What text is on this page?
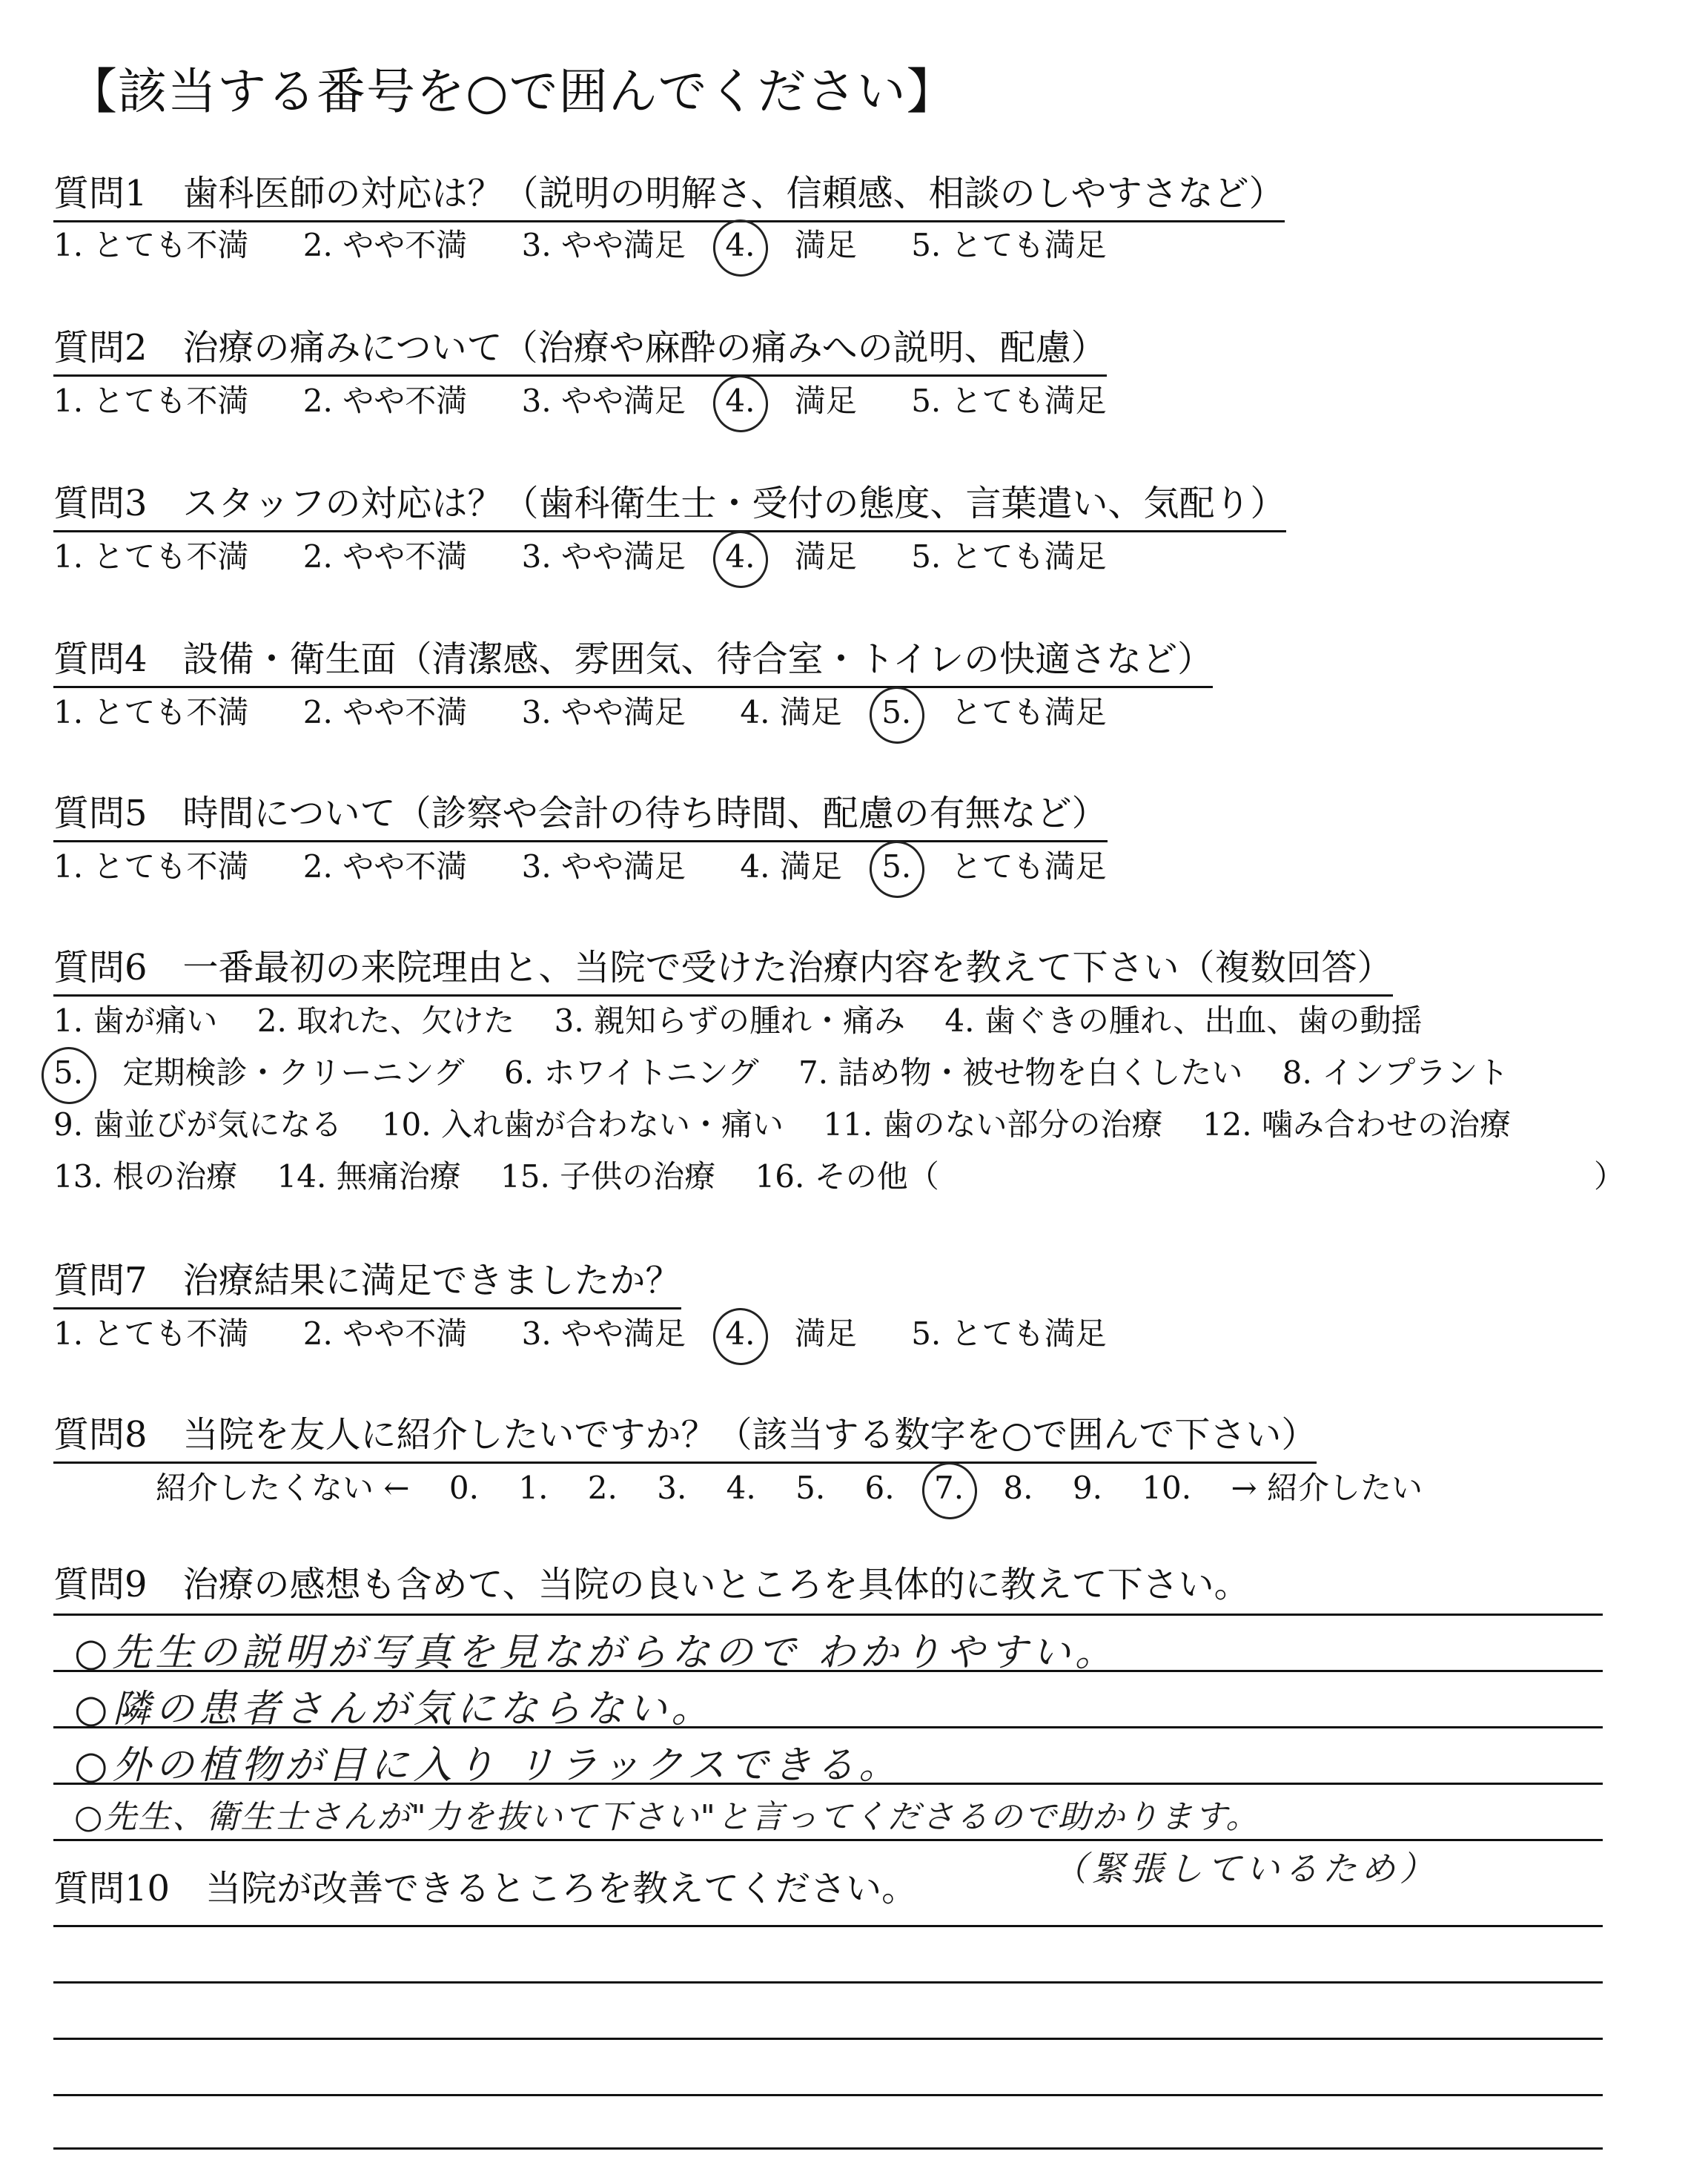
【該当する番号を○で囲んでください】
質問1　歯科医師の対応は？（説明の明解さ、信頼感、相談のしやすさなど）
1. とても不満 2. やや不満 3. やや満足 4. 満足 5. とても満足
質問2　治療の痛みについて（治療や麻酔の痛みへの説明、配慮）
1. とても不満 2. やや不満 3. やや満足 4. 満足 5. とても満足
質問3　スタッフの対応は？（歯科衛生士・受付の態度、言葉遣い、気配り）
1. とても不満 2. やや不満 3. やや満足 4. 満足 5. とても満足
質問4　設備・衛生面（清潔感、雰囲気、待合室・トイレの快適さなど）
1. とても不満 2. やや不満 3. やや満足 4. 満足 5. とても満足
質問5　時間について（診察や会計の待ち時間、配慮の有無など）
1. とても不満 2. やや不満 3. やや満足 4. 満足 5. とても満足
質問6　一番最初の来院理由と、当院で受けた治療内容を教えて下さい（複数回答）
1. 歯が痛い 2. 取れた、欠けた 3. 親知らずの腫れ・痛み 4. 歯ぐきの腫れ、出血、歯の動揺
5. 定期検診・クリーニング 6. ホワイトニング 7. 詰め物・被せ物を白くしたい 8. インプラント
9. 歯並びが気になる 10. 入れ歯が合わない・痛い 11. 歯のない部分の治療 12. 噛み合わせの治療
13. 根の治療 14. 無痛治療 15. 子供の治療 16. その他（	）
質問7　治療結果に満足できましたか？
1. とても不満 2. やや不満 3. やや満足 4. 満足 5. とても満足
質問8　当院を友人に紹介したいですか？（該当する数字を○で囲んで下さい）
紹介したくない ← 0. 1. 2. 3. 4. 5. 6. 7. 8. 9. 10. → 紹介したい
質問9　治療の感想も含めて、当院の良いところを具体的に教えて下さい。
○先生の説明が写真を見ながらなので わかりやすい。
○隣の患者さんが気にならない。
○外の植物が目に入り リラックスできる。
○先生、衛生士さんが"力を抜いて下さい"と言ってくださるので助かります。
（緊張しているため）
質問10　当院が改善できるところを教えてください。
